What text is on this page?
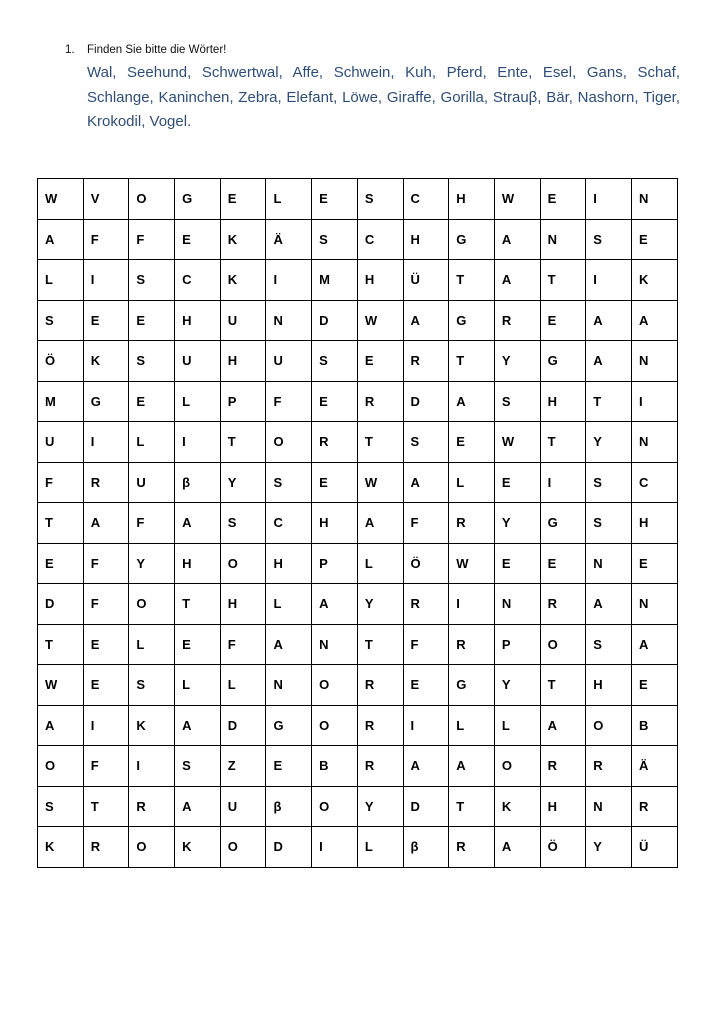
1. Finden Sie bitte die Wörter!
Wal, Seehund, Schwertwal, Affe, Schwein, Kuh, Pferd, Ente, Esel, Gans, Schaf, Schlange, Kaninchen, Zebra, Elefant, Löwe, Giraffe, Gorilla, Strauβ, Bär, Nashorn, Tiger, Krokodil, Vogel.
W	V	O	G	E	L	E	S	C	H	W	E	I	N
A	F	F	E	K	Ä	S	C	H	G	A	N	S	E
L	I	S	C	K	I	M	H	Ü	T	A	T	I	K
S	E	E	H	U	N	D	W	A	G	R	E	A	A
Ö	K	S	U	H	U	S	E	R	T	Y	G	A	N
M	G	E	L	P	F	E	R	D	A	S	H	T	I
U	I	L	I	T	O	R	T	S	E	W	T	Y	N
F	R	U	β	Y	S	E	W	A	L	E	I	S	C
T	A	F	A	S	C	H	A	F	R	Y	G	S	H
E	F	Y	H	O	H	P	L	Ö	W	E	E	N	E
D	F	O	T	H	L	A	Y	R	I	N	R	A	N
T	E	L	E	F	A	N	T	F	R	P	O	S	A
W	E	S	L	L	N	O	R	E	G	Y	T	H	E
A	I	K	A	D	G	O	R	I	L	L	A	O	B
O	F	I	S	Z	E	B	R	A	A	O	R	R	Ä
S	T	R	A	U	β	O	Y	D	T	K	H	N	R
K	R	O	K	O	D	I	L	β	R	A	Ö	Y	Ü
